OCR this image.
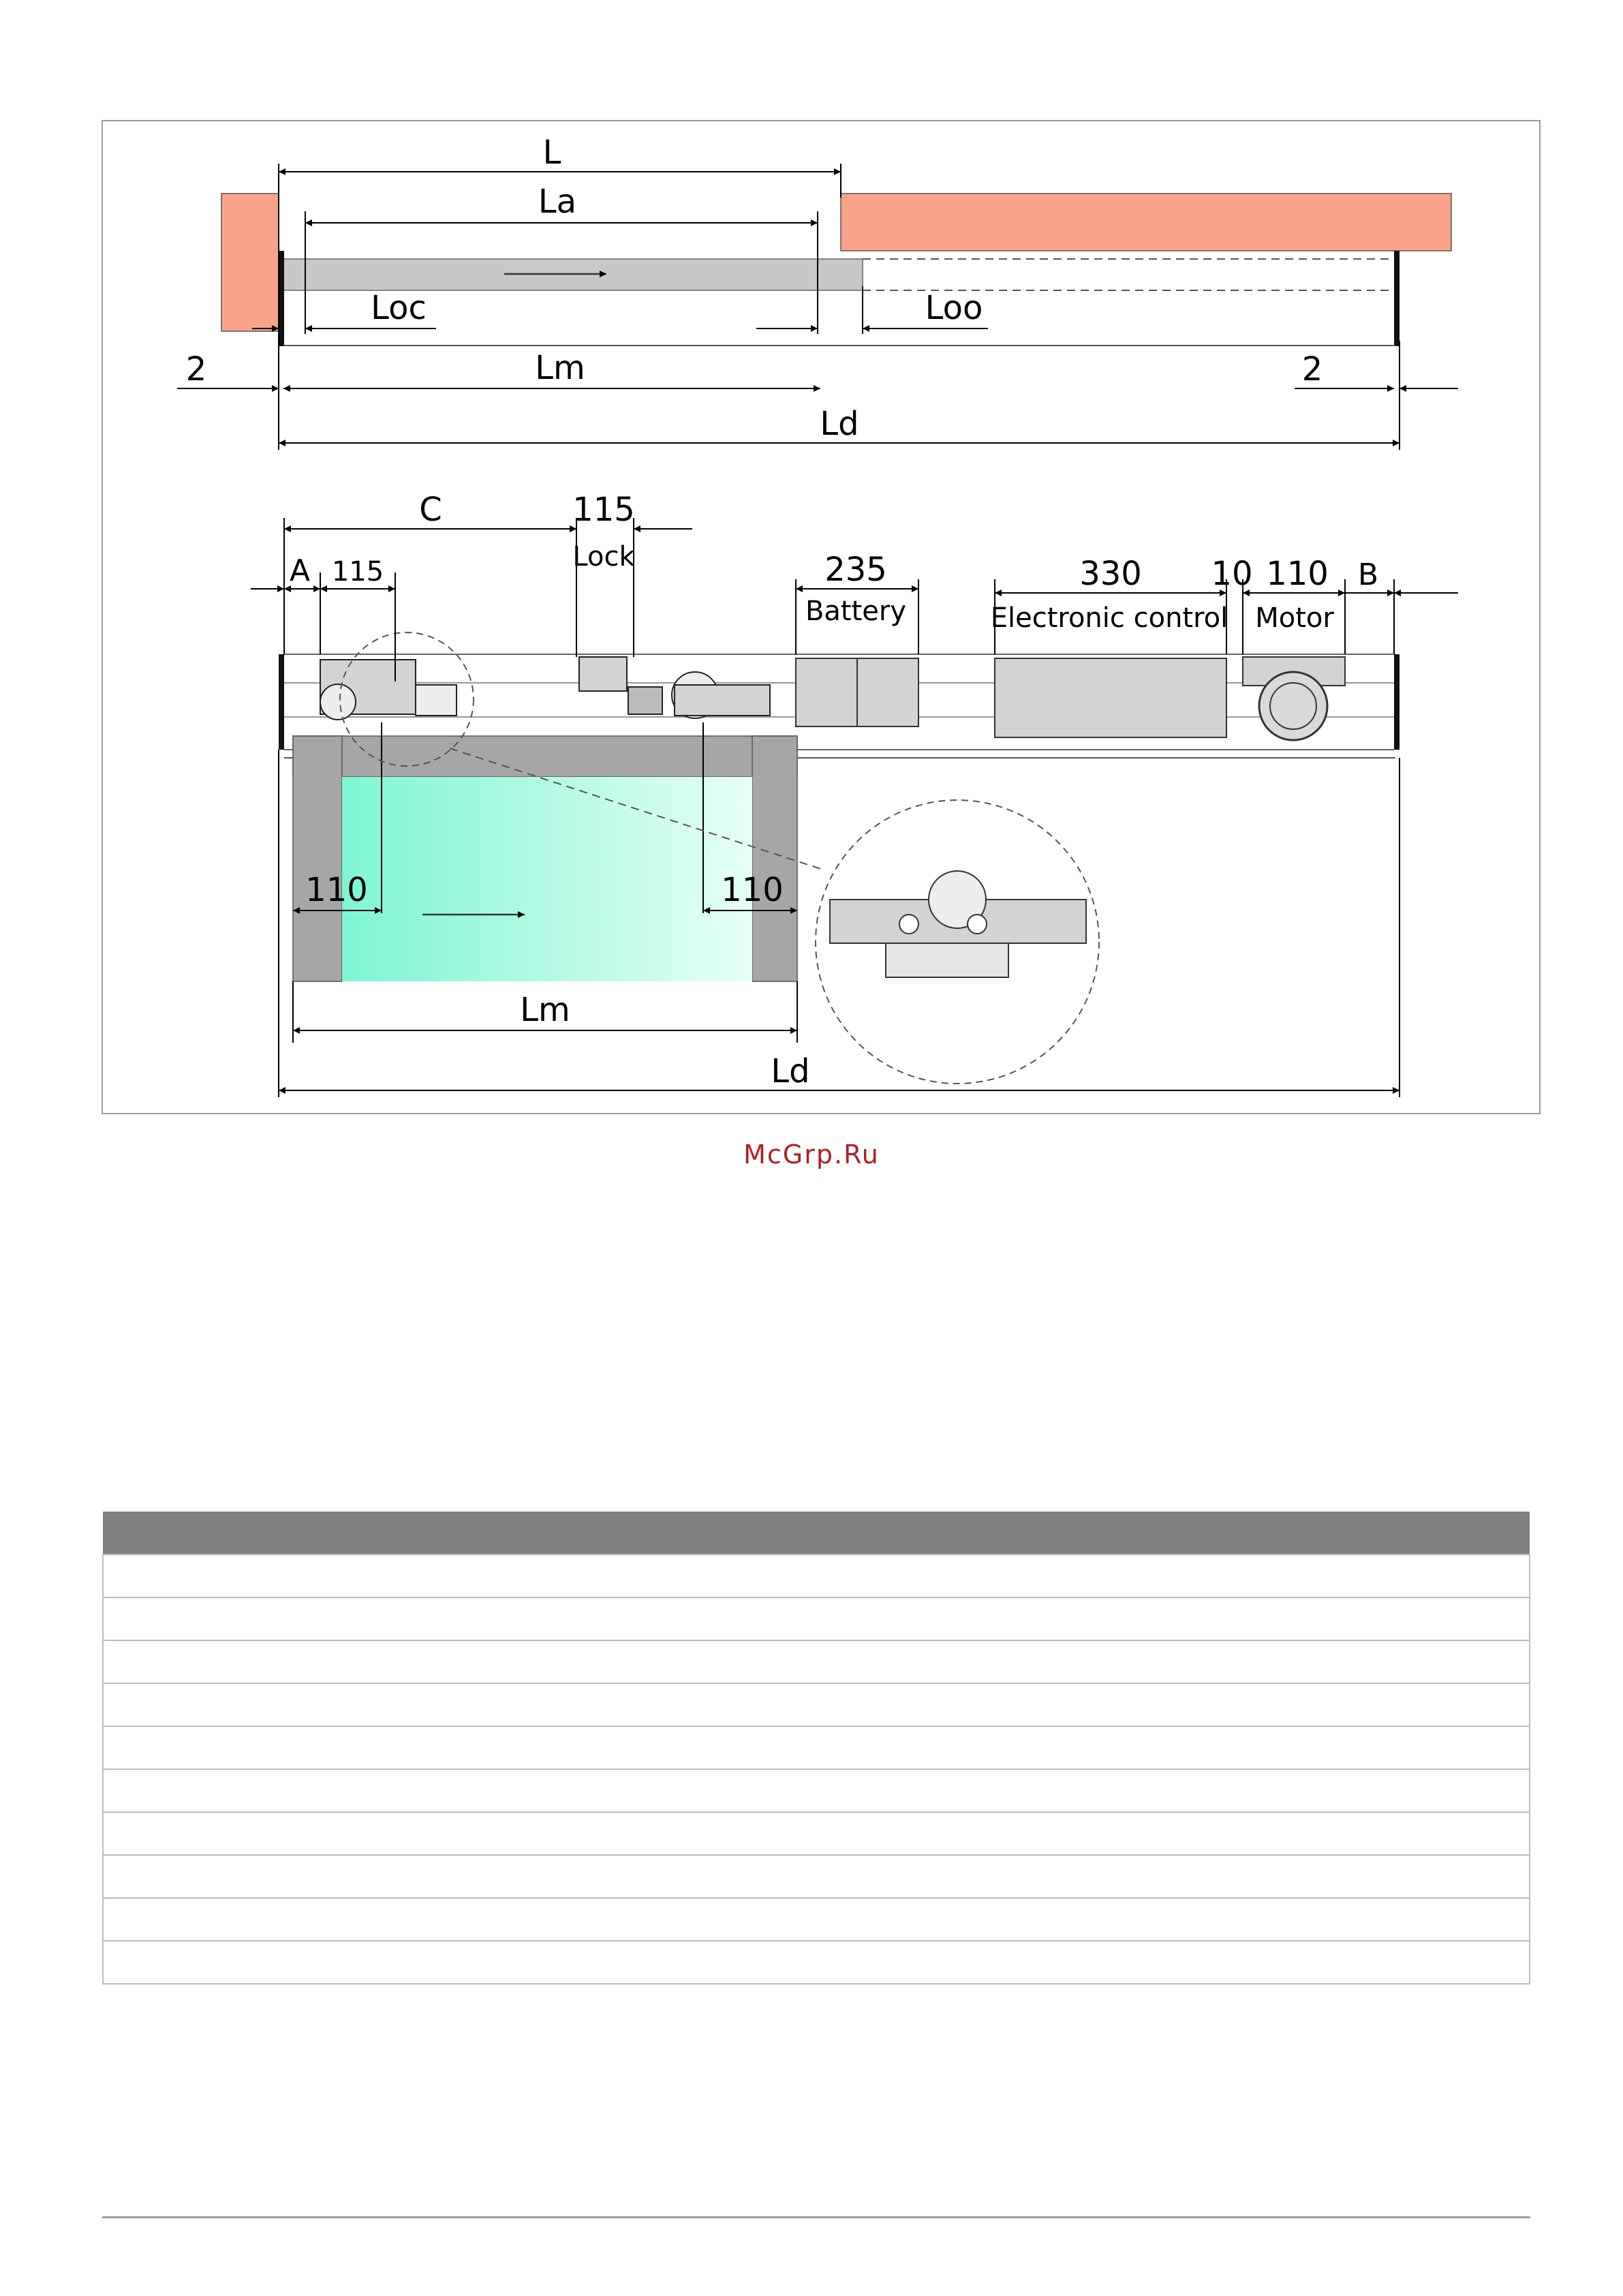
L
La
Loc	Loo
2	Lm	2
Ld
C	115
Lock
A 115	235
Battery
330
Electronic control
10 110
Motor
B
110	110
Lm
Ld
McGrp.Ru
